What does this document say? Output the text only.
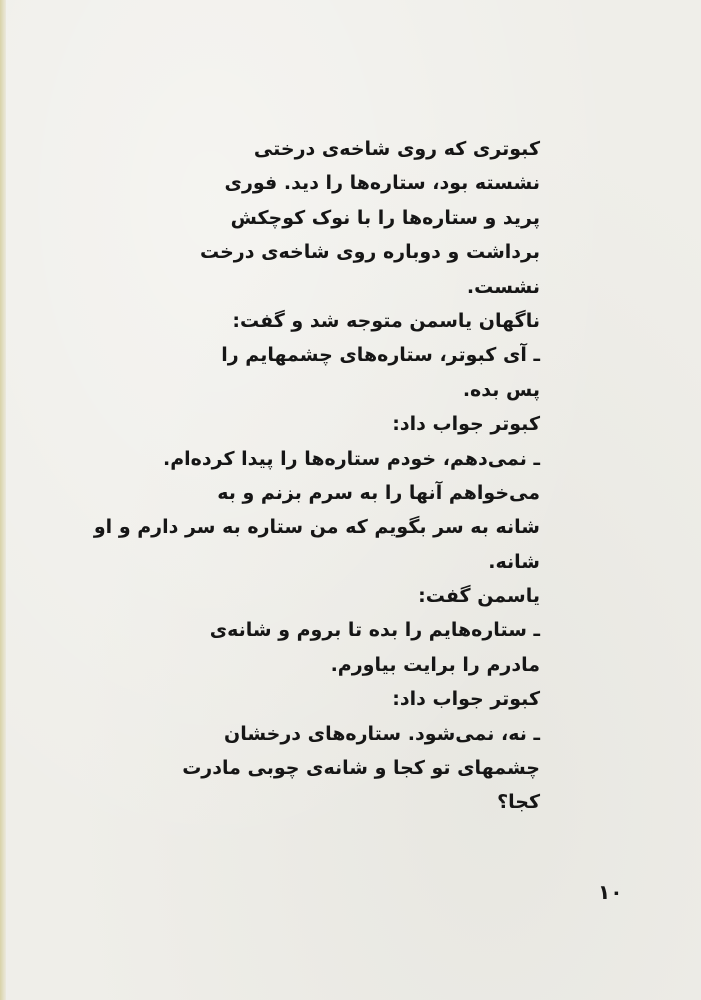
کبوتری که روی شاخه‌ی درختی
نشسته بود، ستاره‌ها را دید. فوری
پرید و ستاره‌ها را با نوک کوچکش
برداشت و دوباره روی شاخه‌ی درخت
نشست.
ناگهان یاسمن متوجه شد و گفت:
ـ آی کبوتر، ستاره‌های چشمهایم را
پس بده.
کبوتر جواب داد:
ـ نمی‌دهم، خودم ستاره‌ها را پیدا کرده‌ام.
می‌خواهم آنها را به سرم بزنم و به
شانه به سر بگویم که من ستاره به سر دارم و او
شانه.
یاسمن گفت:
ـ ستاره‌هایم را بده تا بروم و شانه‌ی
مادرم را برایت بیاورم.
کبوتر جواب داد:
ـ نه، نمی‌شود. ستاره‌های درخشان
چشمهای تو کجا و شانه‌ی چوبی مادرت
کجا؟
۱۰
